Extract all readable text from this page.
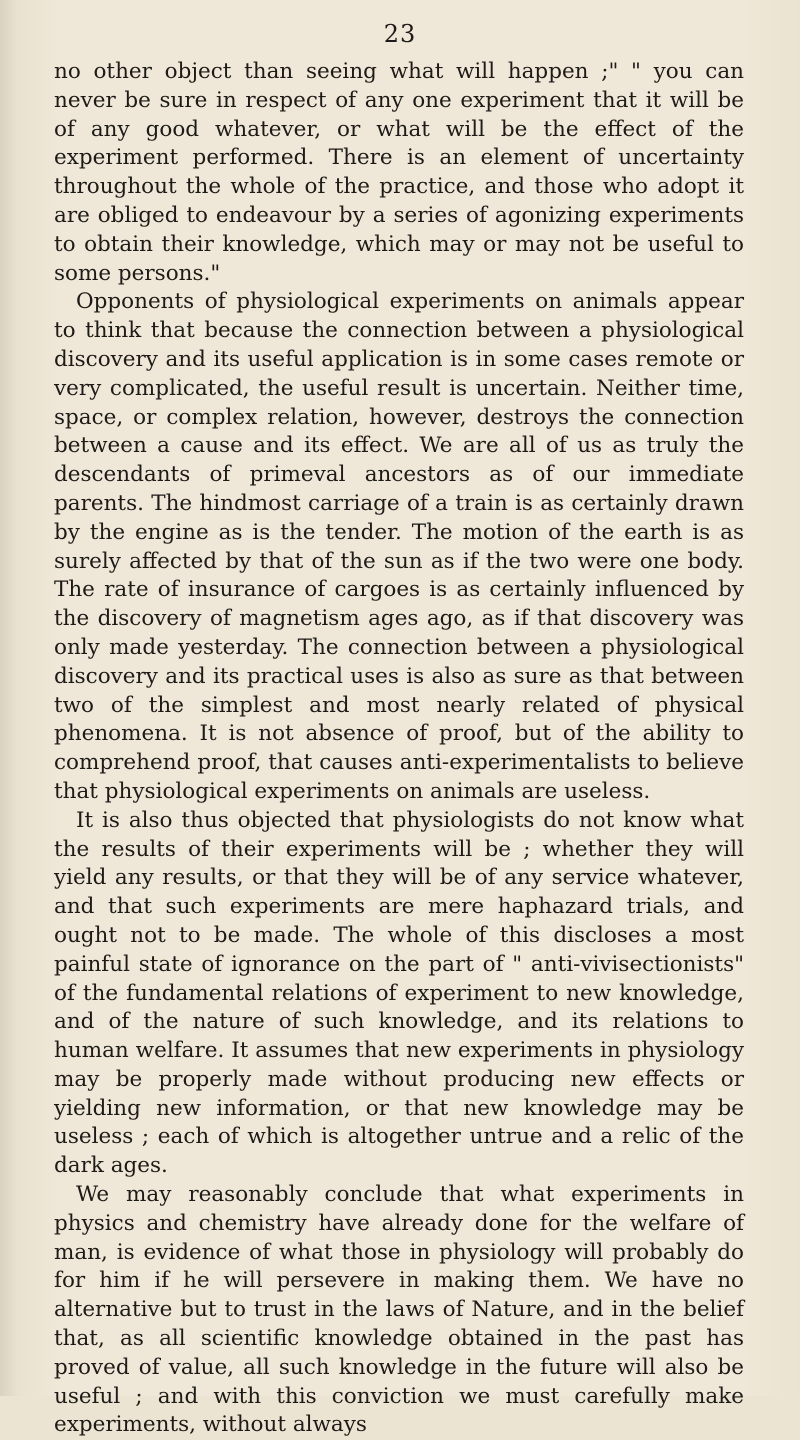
23

no other object than seeing what will happen ;" " you can never be sure in respect of any one experiment that it will be of any good whatever, or what will be the effect of the experiment performed. There is an element of uncertainty throughout the whole of the practice, and those who adopt it are obliged to endeavour by a series of agonizing experiments to obtain their knowledge, which may or may not be useful to some persons."

Opponents of physiological experiments on animals appear to think that because the connection between a physiological discovery and its useful application is in some cases remote or very complicated, the useful result is uncertain. Neither time, space, or complex relation, however, destroys the connection between a cause and its effect. We are all of us as truly the descendants of primeval ancestors as of our immediate parents. The hindmost carriage of a train is as certainly drawn by the engine as is the tender. The motion of the earth is as surely affected by that of the sun as if the two were one body. The rate of insurance of cargoes is as certainly influenced by the discovery of magnetism ages ago, as if that discovery was only made yesterday. The connection between a physiological discovery and its practical uses is also as sure as that between two of the simplest and most nearly related of physical phenomena. It is not absence of proof, but of the ability to comprehend proof, that causes anti-experimentalists to believe that physiological experiments on animals are useless.

It is also thus objected that physiologists do not know what the results of their experiments will be ; whether they will yield any results, or that they will be of any service whatever, and that such experiments are mere haphazard trials, and ought not to be made. The whole of this discloses a most painful state of ignorance on the part of " anti-vivisectionists" of the fundamental relations of experiment to new knowledge, and of the nature of such knowledge, and its relations to human welfare. It assumes that new experiments in physiology may be properly made without producing new effects or yielding new information, or that new knowledge may be useless ; each of which is altogether untrue and a relic of the dark ages.

We may reasonably conclude that what experiments in physics and chemistry have already done for the welfare of man, is evidence of what those in physiology will probably do for him if he will persevere in making them. We have no alternative but to trust in the laws of Nature, and in the belief that, as all scientific knowledge obtained in the past has proved of value, all such knowledge in the future will also be useful ; and with this conviction we must carefully make experiments, without always
